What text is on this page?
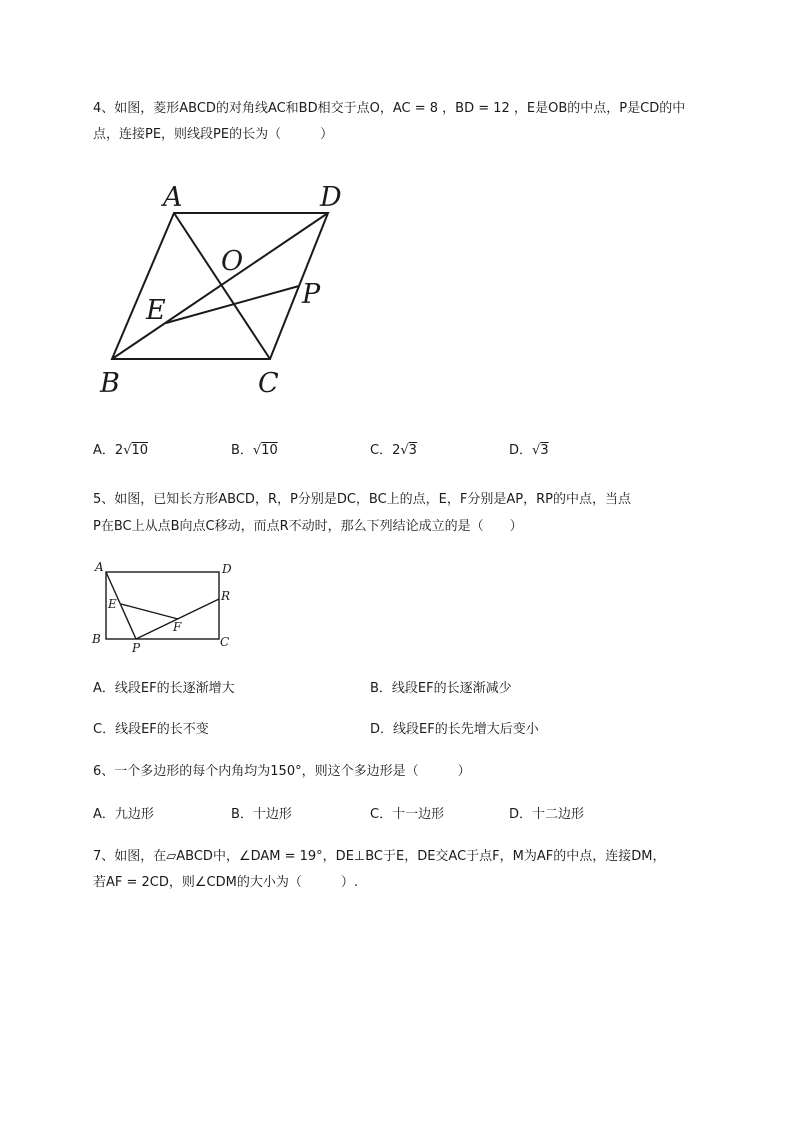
4、如图，菱形ABCD的对角线AC和BD相交于点O，AC = 8 ，BD = 12 ，E是OB的中点，P是CD的中
点，连接PE，则线段PE的长为（　　　）
A	D
O
P
E
B	C
A．2√10	B．√10	C．2√3	D．√3
5、如图，已知长方形ABCD，R，P分别是DC，BC上的点，E，F分别是AP，RP的中点，当点
P在BC上从点B向点C移动，而点R不动时，那么下列结论成立的是（　　）
A	D
E
R
F
B
P	C
A．线段EF的长逐渐增大	B．线段EF的长逐渐减少
C．线段EF的长不变	D．线段EF的长先增大后变小
6、一个多边形的每个内角均为150°，则这个多边形是（　　　）
A．九边形	B．十边形	C．十一边形	D．十二边形
7、如图，在▱ABCD中，∠DAM = 19°，DE⊥BC于E，DE交AC于点F，M为AF的中点，连接DM，
若AF = 2CD，则∠CDM的大小为（　　　）.
